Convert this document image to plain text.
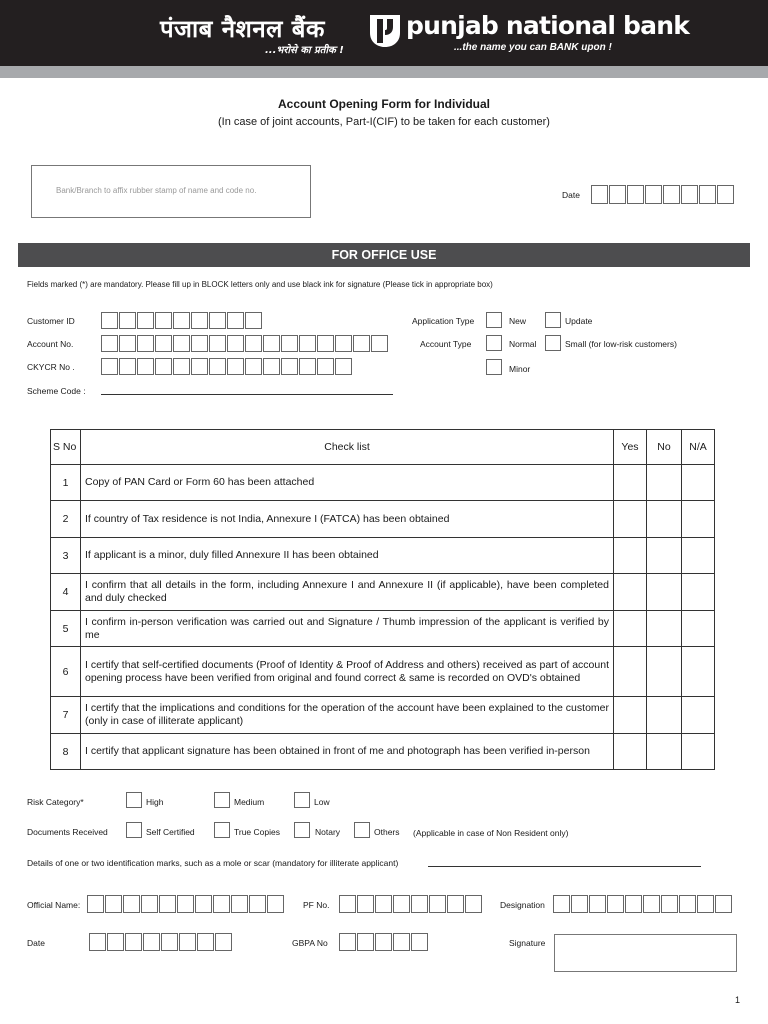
पंजाब नैशनल बैंक
...भरोसे का प्रतीक !
punjab national bank
...the name you can BANK upon !
Account Opening Form for Individual
(In case of joint accounts, Part-I(CIF) to be taken for each customer)
Bank/Branch to affix rubber stamp of name and code no.	Date
FOR OFFICE USE
Fields marked (*) are mandatory. Please fill up in BLOCK letters only and use black ink for signature (Please tick in appropriate box)
Customer ID
Account No.
CKYCR No .
Scheme Code :
Application Type	New	Update
Account Type	Normal	Small (for low-risk customers)
Minor
S No	Check list	Yes	No	N/A
1	Copy of PAN Card or Form 60 has been attached			
2	If country of Tax residence is not India, Annexure I (FATCA) has been obtained			
3	If applicant is a minor, duly filled Annexure II has been obtained			
4	I confirm that all details in the form, including Annexure I and Annexure II (if applicable), have been completed and duly checked			
5	I confirm in-person verification was carried out and Signature / Thumb impression of the applicant is verified by me			
6	I certify that self-certified documents (Proof of Identity & Proof of Address and others) received as part of account opening process have been verified from original and found correct & same is recorded on OVD's obtained			
7	I certify that the implications and conditions for the operation of the account have been explained to the customer (only in case of illiterate applicant)			
8	I certify that applicant signature has been obtained in front of me and photograph has been verified in-person			
Risk Category*	High	Medium	Low
Documents Received	Self Certified	True Copies	Notary	Others (Applicable in case of Non Resident only)
Details of one or two identification marks, such as a mole or scar (mandatory for illiterate applicant)
Official Name:	PF No.	Designation
Date	GBPA No	Signature
1
